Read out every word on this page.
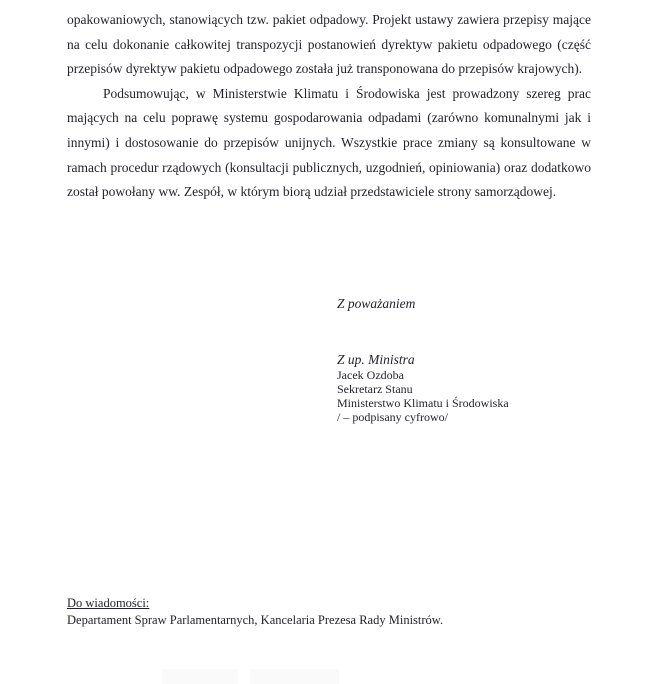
opakowaniowych, stanowiących tzw. pakiet odpadowy. Projekt ustawy zawiera przepisy mające na celu dokonanie całkowitej transpozycji postanowień dyrektyw pakietu odpadowego (część przepisów dyrektyw pakietu odpadowego została już transponowana do przepisów krajowych).

Podsumowując, w Ministerstwie Klimatu i Środowiska jest prowadzony szereg prac mających na celu poprawę systemu gospodarowania odpadami (zarówno komunalnymi jak i innymi) i dostosowanie do przepisów unijnych. Wszystkie prace zmiany są konsultowane w ramach procedur rządowych (konsultacji publicznych, uzgodnień, opiniowania) oraz dodatkowo został powołany ww. Zespół, w którym biorą udział przedstawiciele strony samorządowej.

Z poważaniem
Z up. Ministra
Jacek Ozdoba
Sekretarz Stanu
Ministerstwo Klimatu i Środowiska
/ – podpisany cyfrowo/
Do wiadomości:
Departament Spraw Parlamentarnych, Kancelaria Prezesa Rady Ministrów.
